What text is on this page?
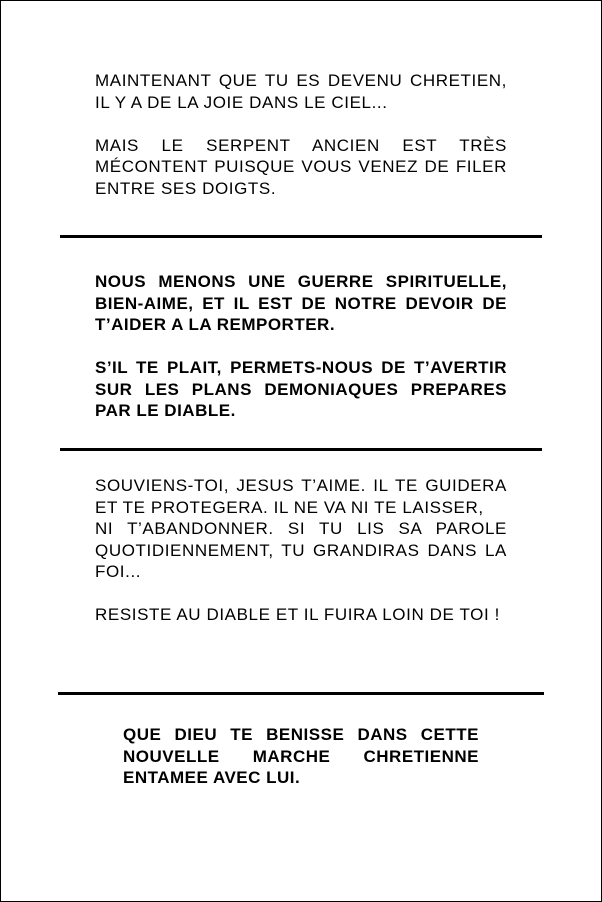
MAINTENANT QUE TU ES DEVENU CHRETIEN, IL Y A DE LA JOIE DANS LE CIEL...

MAIS LE SERPENT ANCIEN EST TRÈS MÉCONTENT PUISQUE VOUS VENEZ DE FILER ENTRE SES DOIGTS.

NOUS MENONS UNE GUERRE SPIRITUELLE, BIEN-AIME, ET IL EST DE NOTRE DEVOIR DE T’AIDER A LA REMPORTER.

S’IL TE PLAIT, PERMETS-NOUS DE T’AVERTIR SUR LES PLANS DEMONIAQUES PREPARES PAR LE DIABLE.

SOUVIENS-TOI, JESUS T’AIME. IL TE GUIDERA ET TE PROTEGERA. IL NE VA NI TE LAISSER,
NI T’ABANDONNER. SI TU LIS SA PAROLE QUOTIDIENNEMENT, TU GRANDIRAS DANS LA FOI...

RESISTE AU DIABLE ET IL FUIRA LOIN DE TOI !

QUE DIEU TE BENISSE DANS CETTE NOUVELLE MARCHE CHRETIENNE ENTAMEE AVEC LUI.
